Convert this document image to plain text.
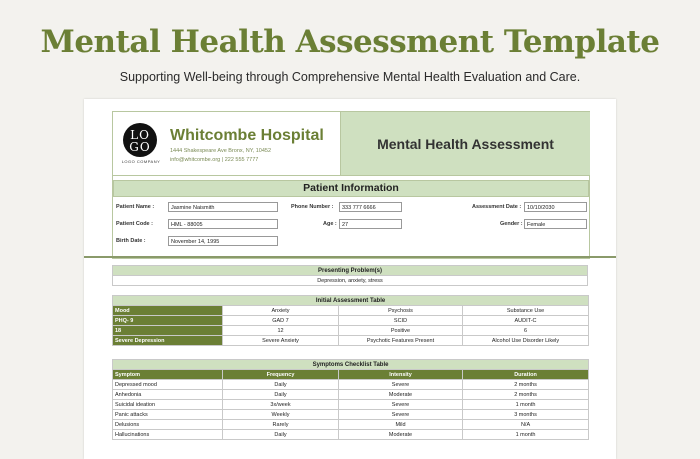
Mental Health Assessment Template
Supporting Well-being through Comprehensive Mental Health Evaluation and Care.
LO
GO
LOGO COMPANY
Whitcombe Hospital
1444 Shakespeare Ave Bronx, NY, 10452
info@whitcombe.org | 222 555 7777
Mental Health Assessment
Patient Information
Patient Name :	Jasmine Naismith
Patient Code :	HML - 88005
Birth Date :	November 14, 1995
Phone Number :	333 777 6666
Age : 27
Assessment Date :	10/10/2030
Gender : Female
Presenting Problem(s)
Depression, anxiety, stress
Initial Assessment Table			
Mood	Anxiety	Psychosis	Substance Use
PHQ- 9	GAD 7	SCID	AUDIT-C
18	12	Positive	6
Severe Depression	Severe Anxiety	Psychotic Features Present	Alcohol Use Disorder Likely
Symptoms Checklist Table			
Symptom	Frequency	Intensity	Duration
Depressed mood	Daily	Severe	2 months
Anhedonia	Daily	Moderate	2 months
Suicidal ideation	3x/week	Severe	1 month
Panic attacks	Weekly	Severe	3 months
Delusions	Rarely	Mild	N/A
Hallucinations	Daily	Moderate	1 month
